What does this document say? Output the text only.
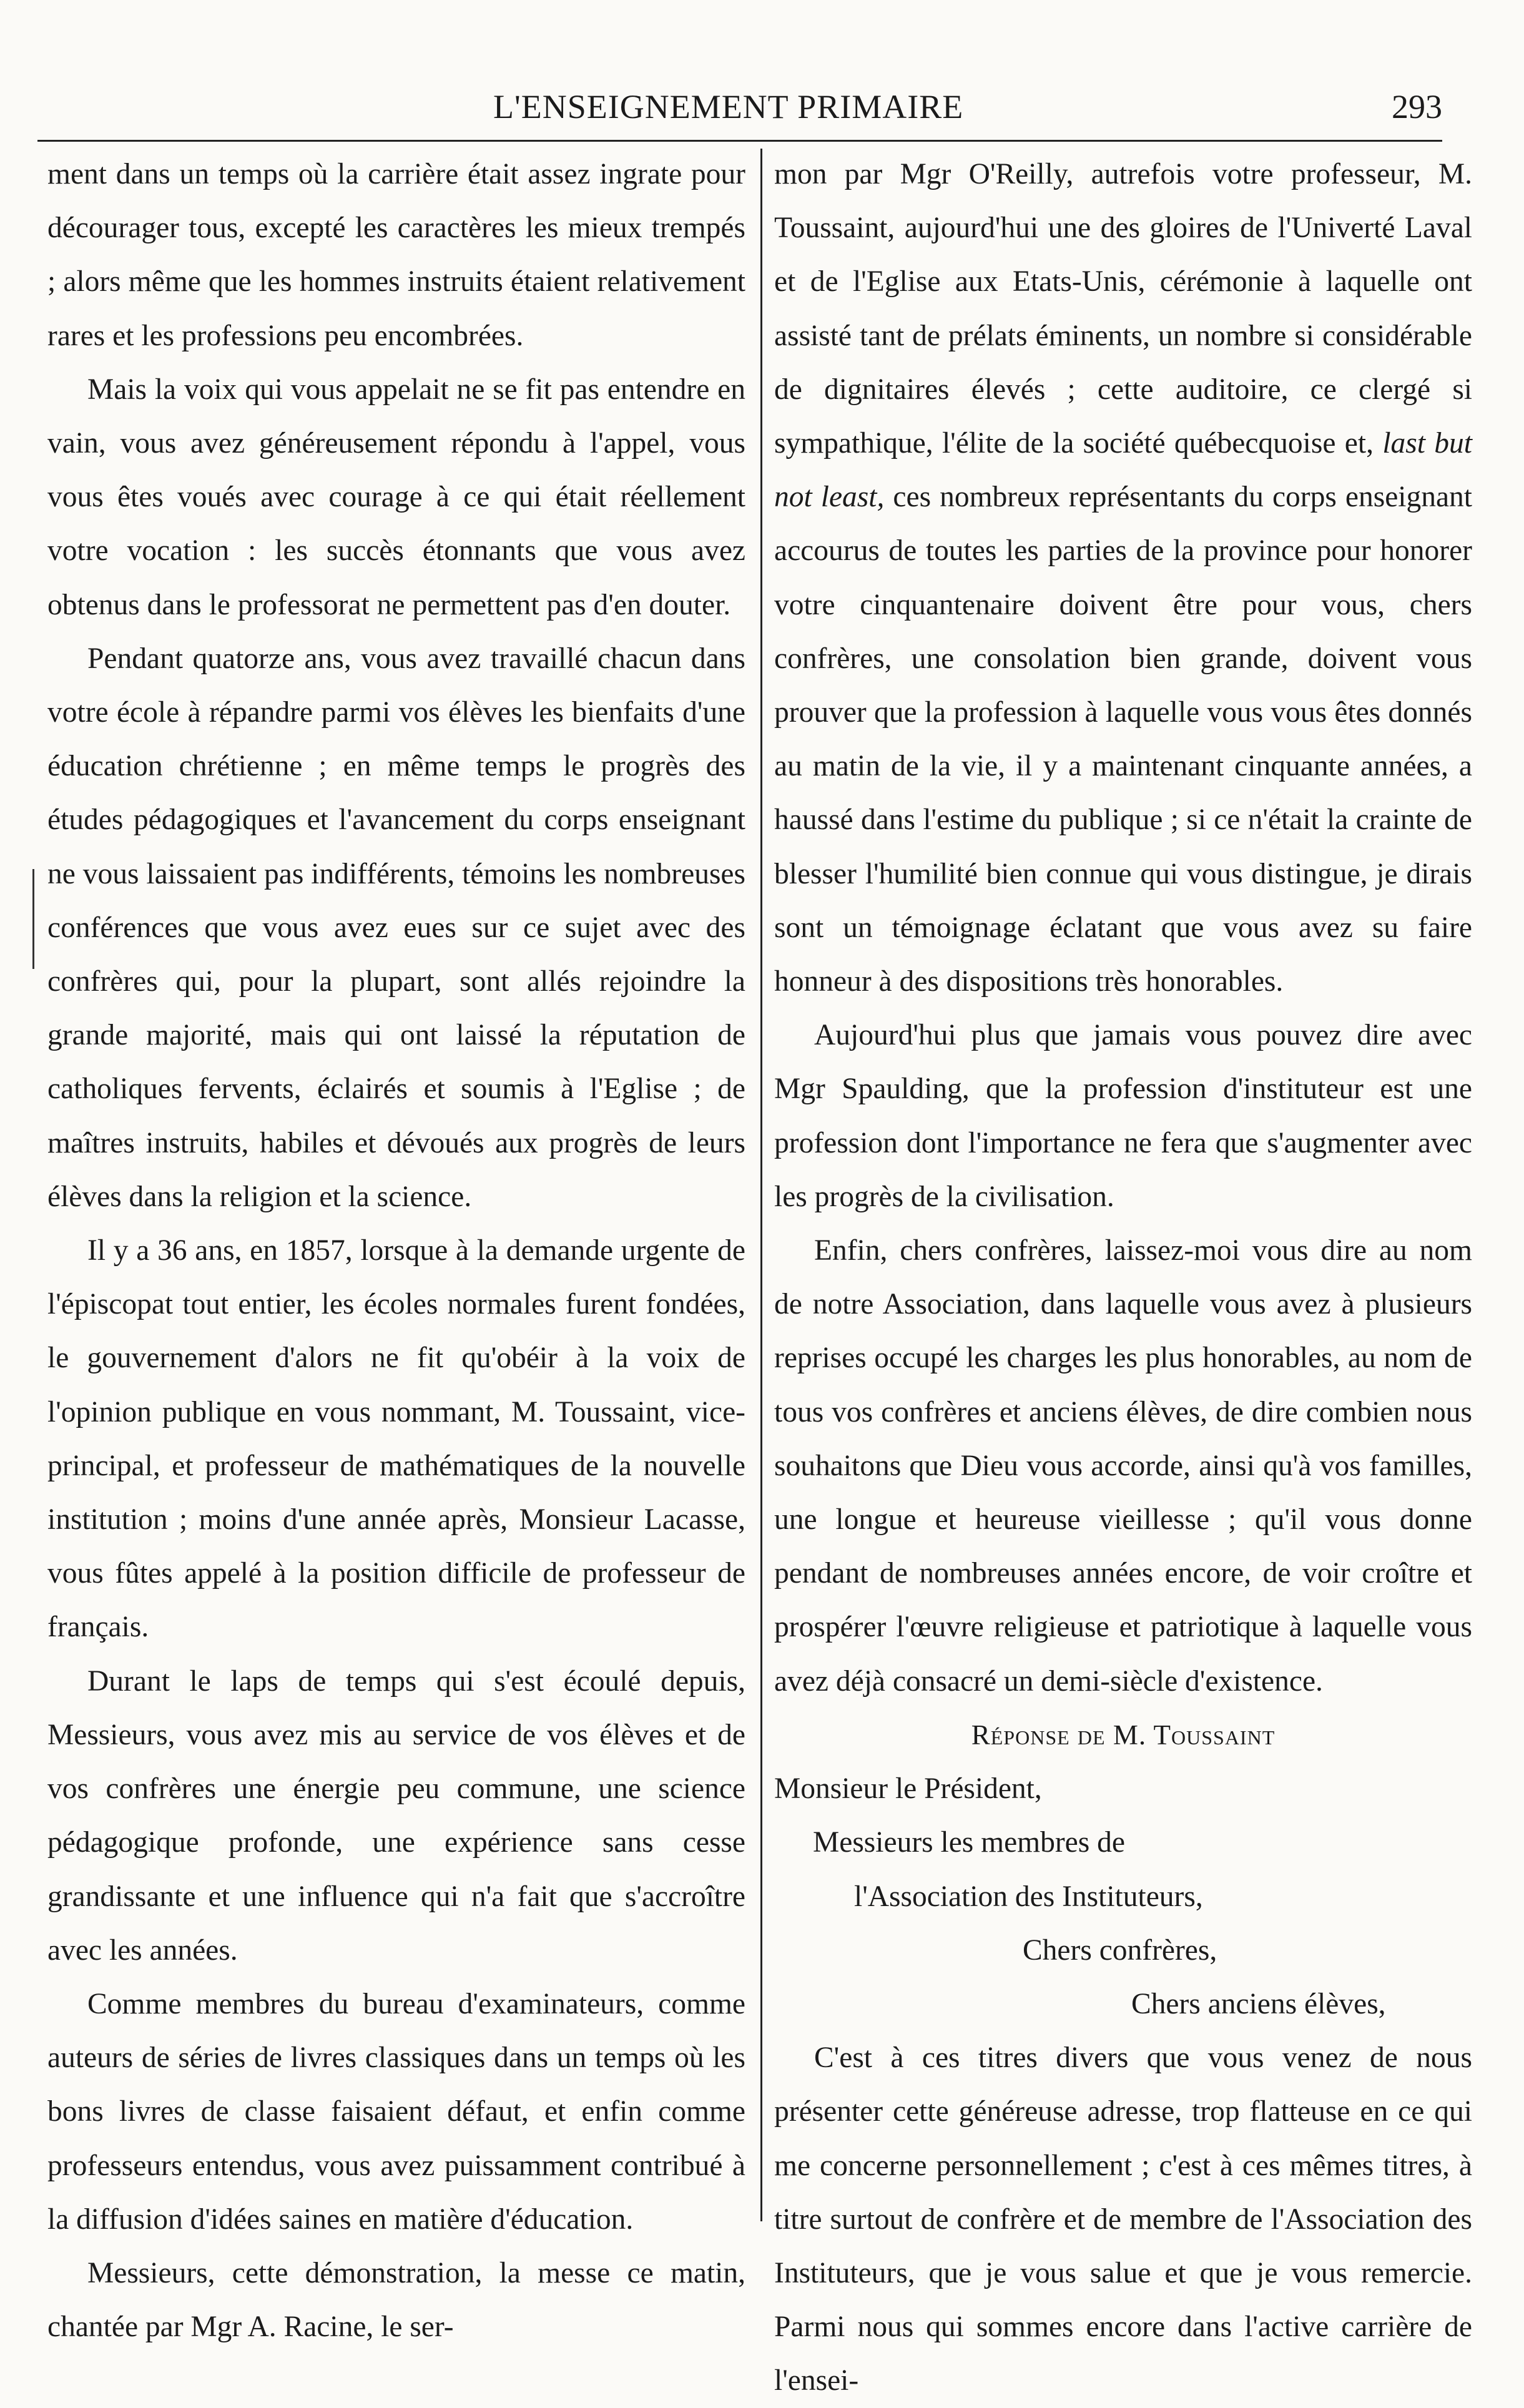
L'ENSEIGNEMENT PRIMAIRE	293

ment dans un temps où la carrière était assez ingrate pour décourager tous, excepté les caractères les mieux trempés ; alors même que les hommes instruits étaient relativement rares et les professions peu encombrées.

Mais la voix qui vous appelait ne se fit pas entendre en vain, vous avez généreusement répondu à l'appel, vous vous êtes voués avec courage à ce qui était réellement votre vocation : les succès étonnants que vous avez obtenus dans le professorat ne permettent pas d'en douter.

Pendant quatorze ans, vous avez travaillé chacun dans votre école à répandre parmi vos élèves les bienfaits d'une éducation chrétienne ; en même temps le progrès des études pédagogiques et l'avancement du corps enseignant ne vous laissaient pas indifférents, témoins les nombreuses conférences que vous avez eues sur ce sujet avec des confrères qui, pour la plupart, sont allés rejoindre la grande majorité, mais qui ont laissé la réputation de catholiques fervents, éclairés et soumis à l'Eglise ; de maîtres instruits, habiles et dévoués aux progrès de leurs élèves dans la religion et la science.

Il y a 36 ans, en 1857, lorsque à la demande urgente de l'épiscopat tout entier, les écoles normales furent fondées, le gouvernement d'alors ne fit qu'obéir à la voix de l'opinion publique en vous nommant, M. Toussaint, vice-principal, et professeur de mathématiques de la nouvelle institution ; moins d'une année après, Monsieur Lacasse, vous fûtes appelé à la position difficile de professeur de français.

Durant le laps de temps qui s'est écoulé depuis, Messieurs, vous avez mis au service de vos élèves et de vos confrères une énergie peu commune, une science pédagogique profonde, une expérience sans cesse grandissante et une influence qui n'a fait que s'accroître avec les années.

Comme membres du bureau d'examinateurs, comme auteurs de séries de livres classiques dans un temps où les bons livres de classe faisaient défaut, et enfin comme professeurs entendus, vous avez puissamment contribué à la diffusion d'idées saines en matière d'éducation.

Messieurs, cette démonstration, la messe ce matin, chantée par Mgr A. Racine, le ser-

mon par Mgr O'Reilly, autrefois votre professeur, M. Toussaint, aujourd'hui une des gloires de l'Univerté Laval et de l'Eglise aux Etats-Unis, cérémonie à laquelle ont assisté tant de prélats éminents, un nombre si considérable de dignitaires élevés ; cette auditoire, ce clergé si sympathique, l'élite de la société québecquoise et, last but not least, ces nombreux représentants du corps enseignant accourus de toutes les parties de la province pour honorer votre cinquantenaire doivent être pour vous, chers confrères, une consolation bien grande, doivent vous prouver que la profession à laquelle vous vous êtes donnés au matin de la vie, il y a maintenant cinquante années, a haussé dans l'estime du publique ; si ce n'était la crainte de blesser l'humilité bien connue qui vous distingue, je dirais sont un témoignage éclatant que vous avez su faire honneur à des dispositions très honorables.

Aujourd'hui plus que jamais vous pouvez dire avec Mgr Spaulding, que la profession d'instituteur est une profession dont l'importance ne fera que s'augmenter avec les progrès de la civilisation.

Enfin, chers confrères, laissez-moi vous dire au nom de notre Association, dans laquelle vous avez à plusieurs reprises occupé les charges les plus honorables, au nom de tous vos confrères et anciens élèves, de dire combien nous souhaitons que Dieu vous accorde, ainsi qu'à vos familles, une longue et heureuse vieillesse ; qu'il vous donne pendant de nombreuses années encore, de voir croître et prospérer l'œuvre religieuse et patriotique à laquelle vous avez déjà consacré un demi-siècle d'existence.

Réponse de M. Toussaint

Monsieur le Président,

Messieurs les membres de

l'Association des Instituteurs,

Chers confrères,

Chers anciens élèves,

C'est à ces titres divers que vous venez de nous présenter cette généreuse adresse, trop flatteuse en ce qui me concerne personnellement ; c'est à ces mêmes titres, à titre surtout de confrère et de membre de l'Association des Instituteurs, que je vous salue et que je vous remercie. Parmi nous qui sommes encore dans l'active carrière de l'ensei-
